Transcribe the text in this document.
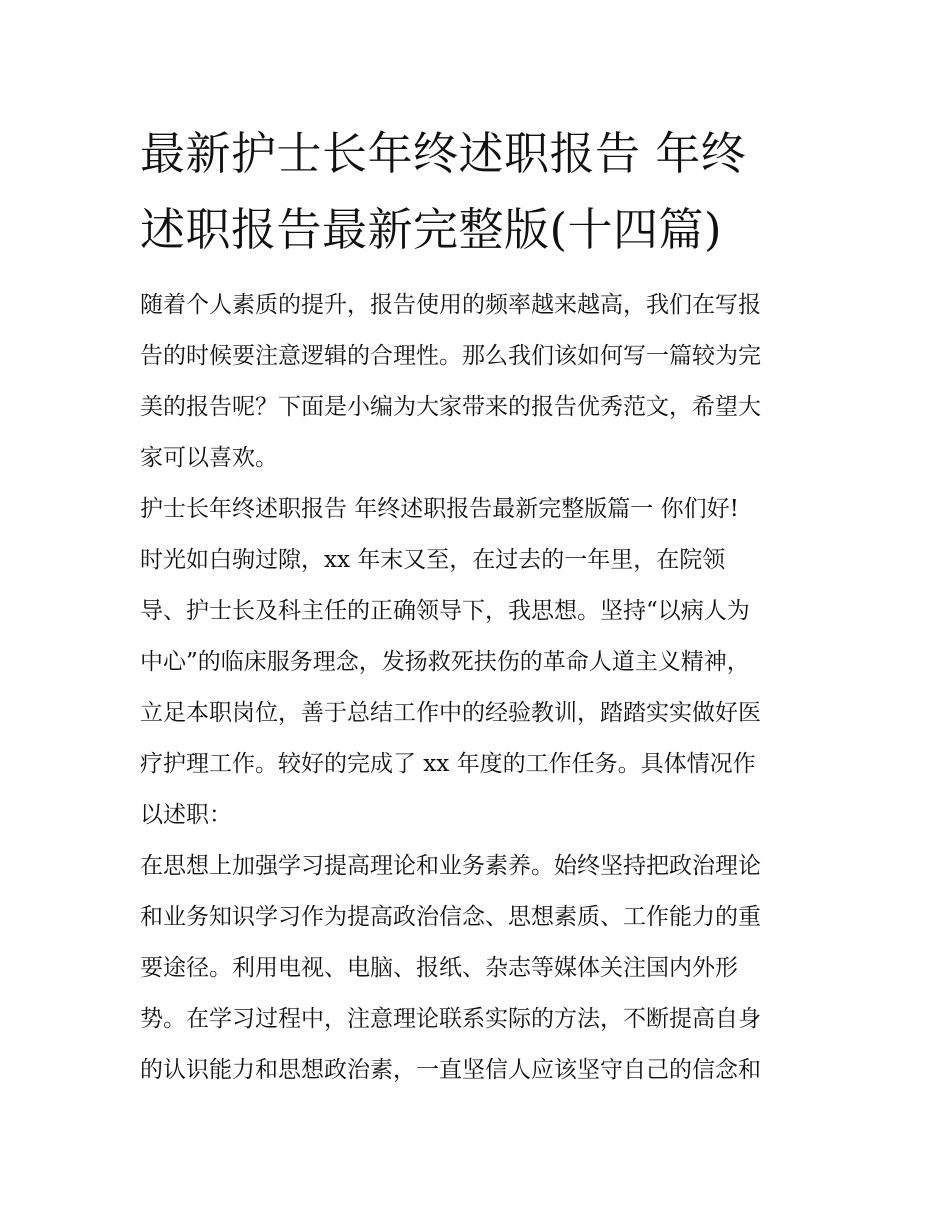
最新护士长年终述职报告 年终
述职报告最新完整版(十四篇)
随着个人素质的提升，报告使用的频率越来越高，我们在写报
告的时候要注意逻辑的合理性。那么我们该如何写一篇较为完
美的报告呢？下面是小编为大家带来的报告优秀范文，希望大
家可以喜欢。
护士长年终述职报告 年终述职报告最新完整版篇一 你们好!
时光如白驹过隙，xx 年末又至，在过去的一年里，在院领
导、护士长及科主任的正确领导下，我思想。坚持“以病人为
中心”的临床服务理念，发扬救死扶伤的革命人道主义精神，
立足本职岗位，善于总结工作中的经验教训，踏踏实实做好医
疗护理工作。较好的完成了 xx 年度的工作任务。具体情况作
以述职：
在思想上加强学习提高理论和业务素养。始终坚持把政治理论
和业务知识学习作为提高政治信念、思想素质、工作能力的重
要途径。利用电视、电脑、报纸、杂志等媒体关注国内外形
势。在学习过程中，注意理论联系实际的方法，不断提高自身
的认识能力和思想政治素，一直坚信人应该坚守自己的信念和
